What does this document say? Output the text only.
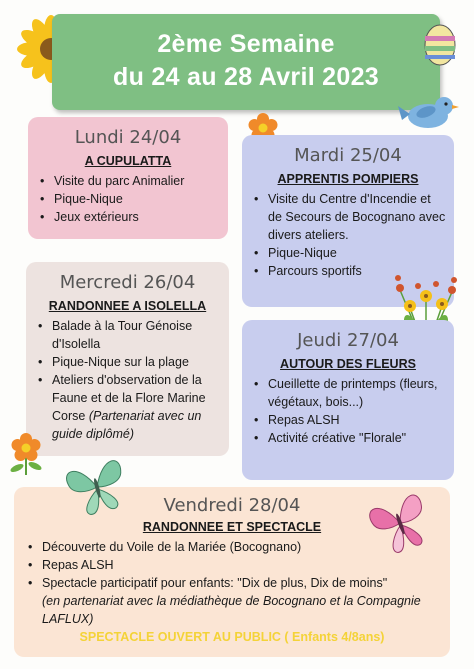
2ème Semaine
du 24 au 28 Avril 2023
Lundi 24/04
A CUPULATTA
• Visite du parc Animalier
• Pique-Nique
• Jeux extérieurs
Mardi 25/04
APPRENTIS POMPIERS
• Visite du Centre d'Incendie et de Secours de Bocognano avec divers ateliers.
• Pique-Nique
• Parcours sportifs
Mercredi 26/04
RANDONNEE A ISOLELLA
• Balade à la Tour Génoise d'Isolella
• Pique-Nique sur la plage
• Ateliers d'observation de la Faune et de la Flore Marine Corse (Partenariat avec un guide diplômé)
Jeudi 27/04
AUTOUR DES FLEURS
• Cueillette de printemps (fleurs, végétaux, bois...)
• Repas ALSH
• Activité créative "Florale"
Vendredi 28/04
RANDONNEE ET SPECTACLE
• Découverte du Voile de la Mariée (Bocognano)
• Repas ALSH
• Spectacle participatif pour enfants: "Dix de plus, Dix de moins"
(en partenariat avec la médiathèque de Bocognano et la Compagnie LAFLUX)
SPECTACLE OUVERT AU PUBLIC ( Enfants 4/8ans)
